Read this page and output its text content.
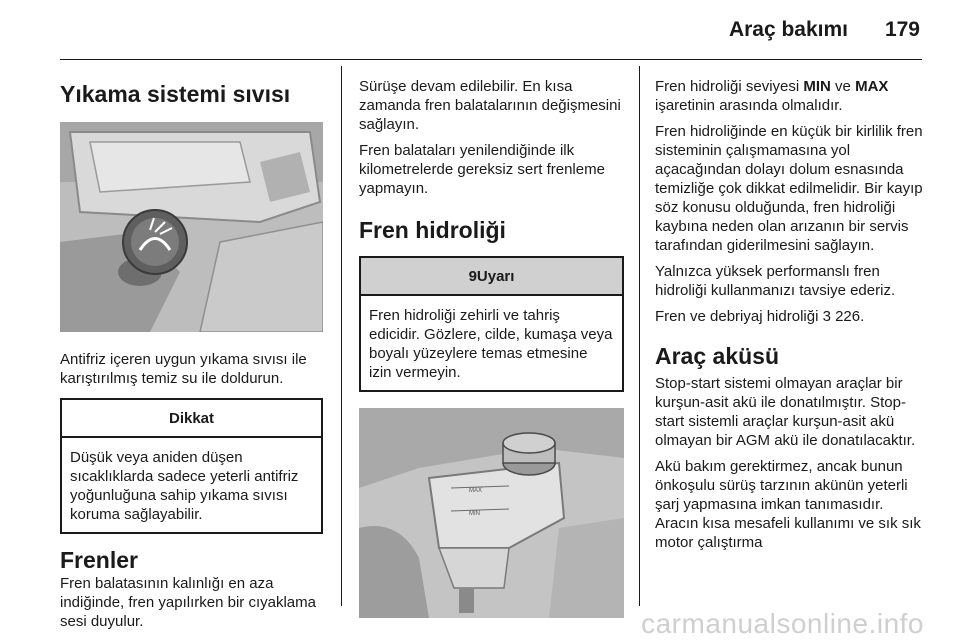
Araç bakımı 179
Yıkama sistemi sıvısı

Antifriz içeren uygun yıkama sıvısı ile karıştırılmış temiz su ile doldurun.

Dikkat
Düşük veya aniden düşen sıcaklıklarda sadece yeterli antifriz yoğunluğuna sahip yıkama sıvısı koruma sağlayabilir.
Frenler

Fren balatasının kalınlığı en aza indiğinde, fren yapılırken bir cıyaklama sesi duyulur.

Sürüşe devam edilebilir. En kısa zamanda fren balatalarının değişmesini sağlayın.

Fren balataları yenilendiğinde ilk kilometrelerde gereksiz sert frenleme yapmayın.

Fren hidroliği
9Uyarı
Fren hidroliği zehirli ve tahriş edicidir. Gözlere, cilde, kumaşa veya boyalı yüzeylere temas etmesine izin vermeyin.
MAX
MIN

Fren hidroliği seviyesi MIN ve MAX işaretinin arasında olmalıdır.

Fren hidroliğinde en küçük bir kirlilik fren sisteminin çalışmamasına yol açacağından dolayı dolum esnasında temizliğe çok dikkat edilmelidir. Bir kayıp söz konusu olduğunda, fren hidroliği kaybına neden olan arızanın bir servis tarafından giderilmesini sağlayın.

Yalnızca yüksek performanslı fren hidroliği kullanmanızı tavsiye ederiz.

Fren ve debriyaj hidroliği 3 226.

Araç aküsü

Stop-start sistemi olmayan araçlar bir kurşun-asit akü ile donatılmıştır. Stop-start sistemli araçlar kurşun-asit akü olmayan bir AGM akü ile donatılacaktır.

Akü bakım gerektirmez, ancak bunun önkoşulu sürüş tarzının akünün yeterli şarj yapmasına imkan tanımasıdır. Aracın kısa mesafeli kullanımı ve sık sık motor çalıştırma

carmanualsonline.info
